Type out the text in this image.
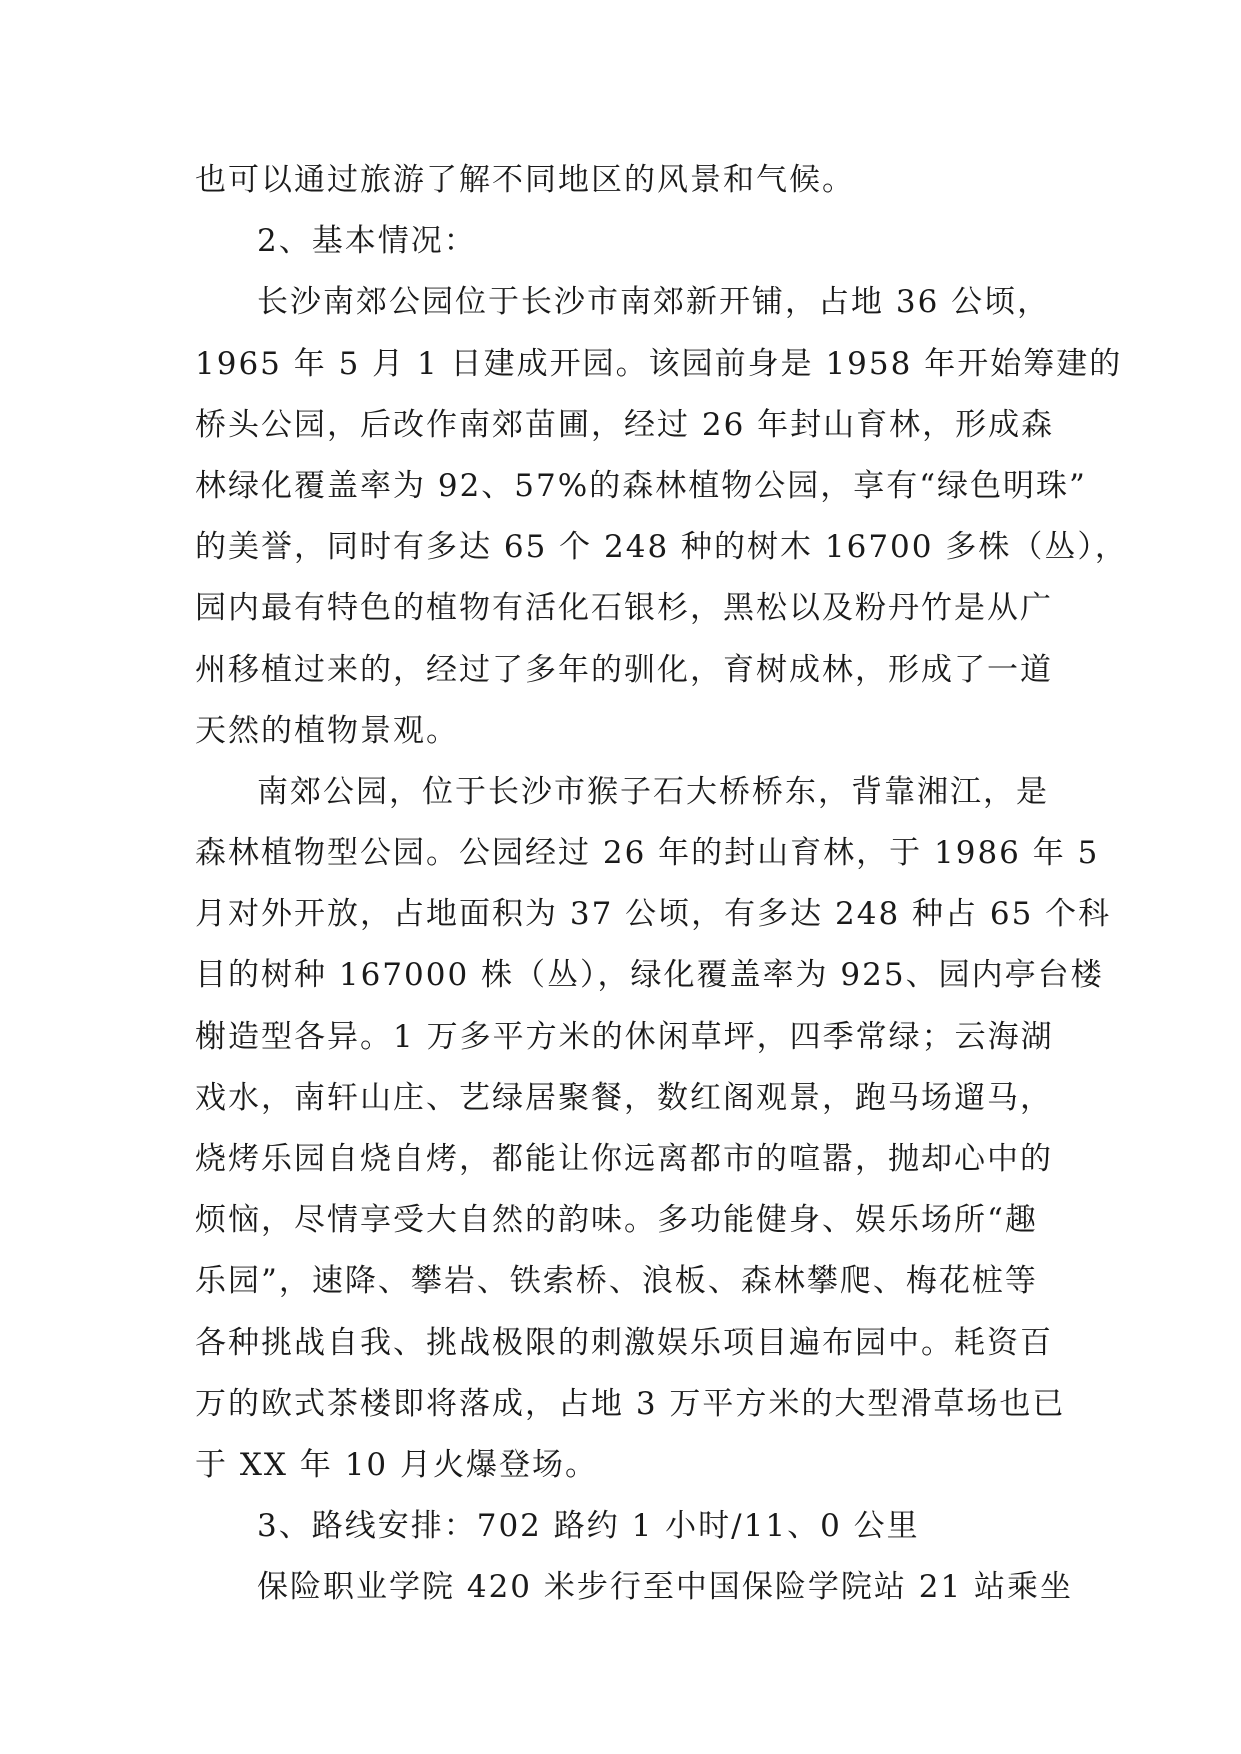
也可以通过旅游了解不同地区的风景和气候。
2、基本情况：
长沙南郊公园位于长沙市南郊新开铺，占地 36 公顷，
1965 年 5 月 1 日建成开园。该园前身是 1958 年开始筹建的
桥头公园，后改作南郊苗圃，经过 26 年封山育林，形成森
林绿化覆盖率为 92、57%的森林植物公园，享有“绿色明珠”
的美誉，同时有多达 65 个 248 种的树木 16700 多株（丛），
园内最有特色的植物有活化石银杉，黑松以及粉丹竹是从广
州移植过来的，经过了多年的驯化，育树成林，形成了一道
天然的植物景观。
南郊公园，位于长沙市猴子石大桥桥东，背靠湘江，是
森林植物型公园。公园经过 26 年的封山育林，于 1986 年 5
月对外开放，占地面积为 37 公顷，有多达 248 种占 65 个科
目的树种 167000 株（丛），绿化覆盖率为 925、园内亭台楼
榭造型各异。1 万多平方米的休闲草坪，四季常绿；云海湖
戏水，南轩山庄、艺绿居聚餐，数红阁观景，跑马场遛马，
烧烤乐园自烧自烤，都能让你远离都市的喧嚣，抛却心中的
烦恼，尽情享受大自然的韵味。多功能健身、娱乐场所“趣
乐园”，速降、攀岩、铁索桥、浪板、森林攀爬、梅花桩等
各种挑战自我、挑战极限的刺激娱乐项目遍布园中。耗资百
万的欧式茶楼即将落成，占地 3 万平方米的大型滑草场也已
于 XX 年 10 月火爆登场。
3、路线安排：702 路约 1 小时/11、0 公里
保险职业学院 420 米步行至中国保险学院站 21 站乘坐
